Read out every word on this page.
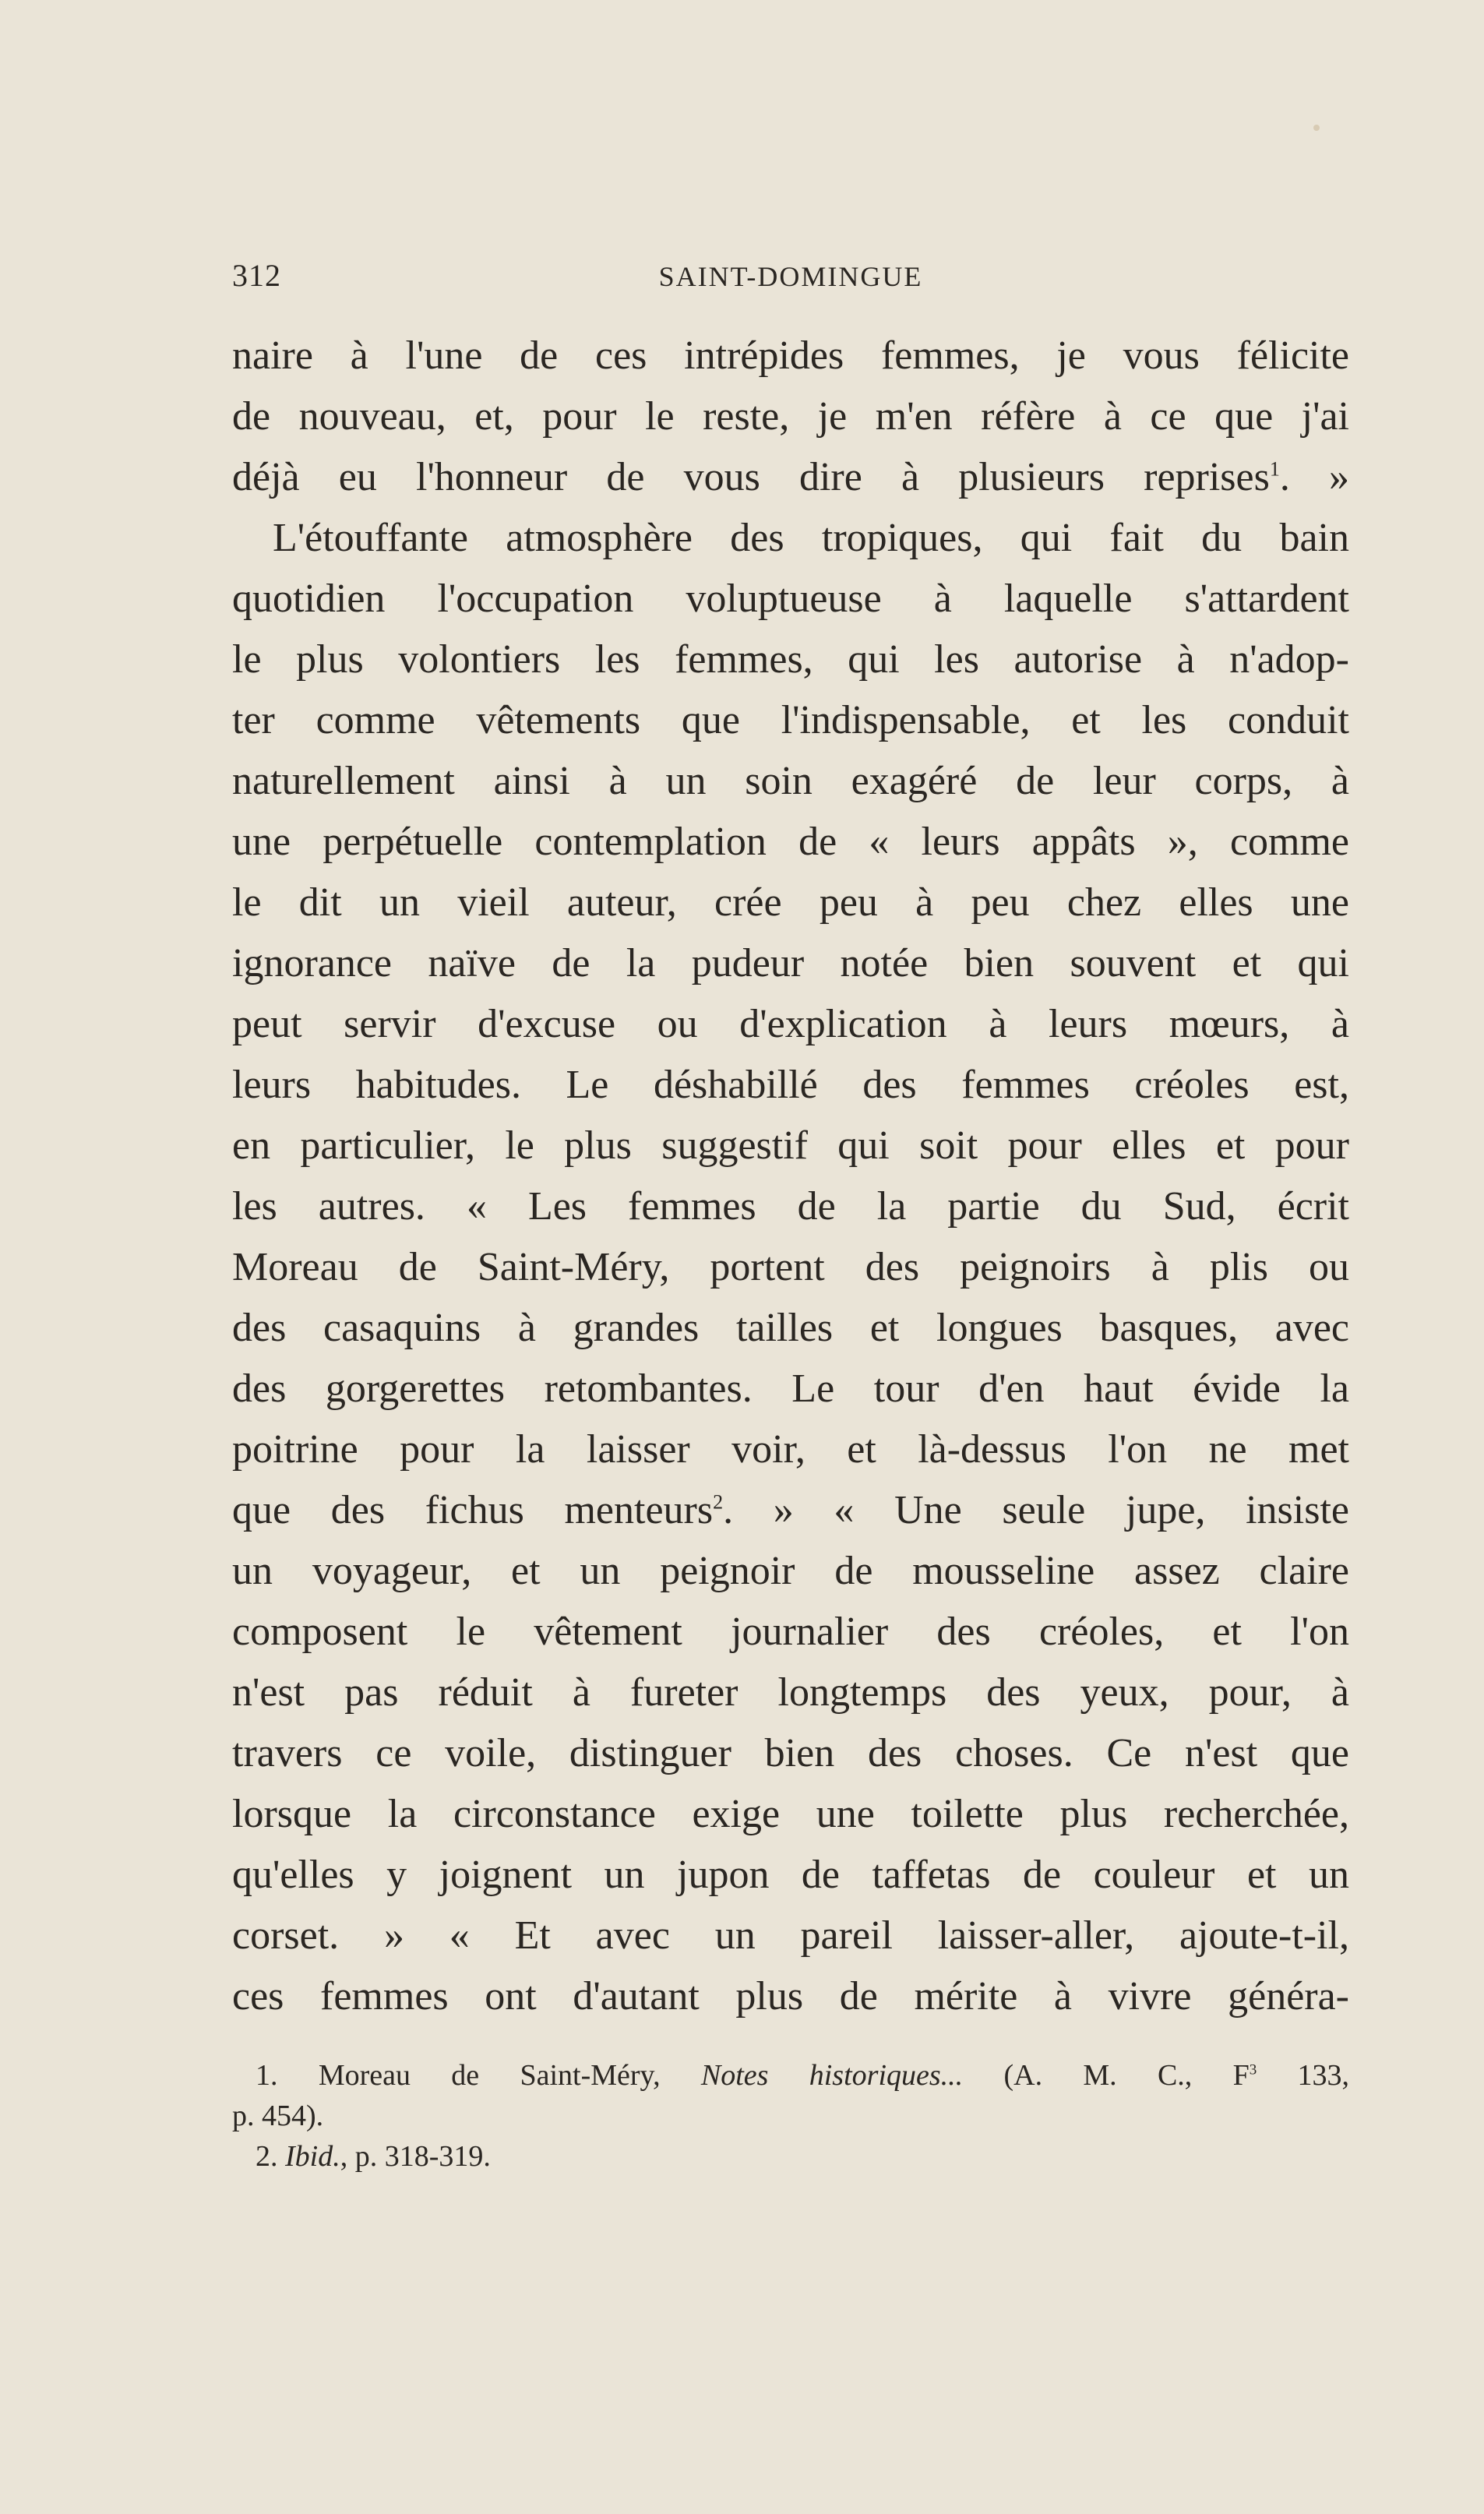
312	SAINT-DOMINGUE
naire à l'une de ces intrépides femmes, je vous félicite
de nouveau, et, pour le reste, je m'en réfère à ce que j'ai
déjà eu l'honneur de vous dire à plusieurs reprises$^1$. »
L'étouffante atmosphère des tropiques, qui fait du bain
quotidien l'occupation voluptueuse à laquelle s'attardent
le plus volontiers les femmes, qui les autorise à n'adop-
ter comme vêtements que l'indispensable, et les conduit
naturellement ainsi à un soin exagéré de leur corps, à
une perpétuelle contemplation de « leurs appâts », comme
le dit un vieil auteur, crée peu à peu chez elles une
ignorance naïve de la pudeur notée bien souvent et qui
peut servir d'excuse ou d'explication à leurs mœurs, à
leurs habitudes. Le déshabillé des femmes créoles est,
en particulier, le plus suggestif qui soit pour elles et pour
les autres. « Les femmes de la partie du Sud, écrit
Moreau de Saint-Méry, portent des peignoirs à plis ou
des casaquins à grandes tailles et longues basques, avec
des gorgerettes retombantes. Le tour d'en haut évide la
poitrine pour la laisser voir, et là-dessus l'on ne met
que des fichus menteurs$^2$. » « Une seule jupe, insiste
un voyageur, et un peignoir de mousseline assez claire
composent le vêtement journalier des créoles, et l'on
n'est pas réduit à fureter longtemps des yeux, pour, à
travers ce voile, distinguer bien des choses. Ce n'est que
lorsque la circonstance exige une toilette plus recherchée,
qu'elles y joignent un jupon de taffetas de couleur et un
corset. » « Et avec un pareil laisser-aller, ajoute-t-il,
ces femmes ont d'autant plus de mérite à vivre généra-
1. Moreau de Saint-Méry, Notes historiques... (A. M. C., $F^3$ 133,
p. 454).
2. Ibid., p. 318-319.
